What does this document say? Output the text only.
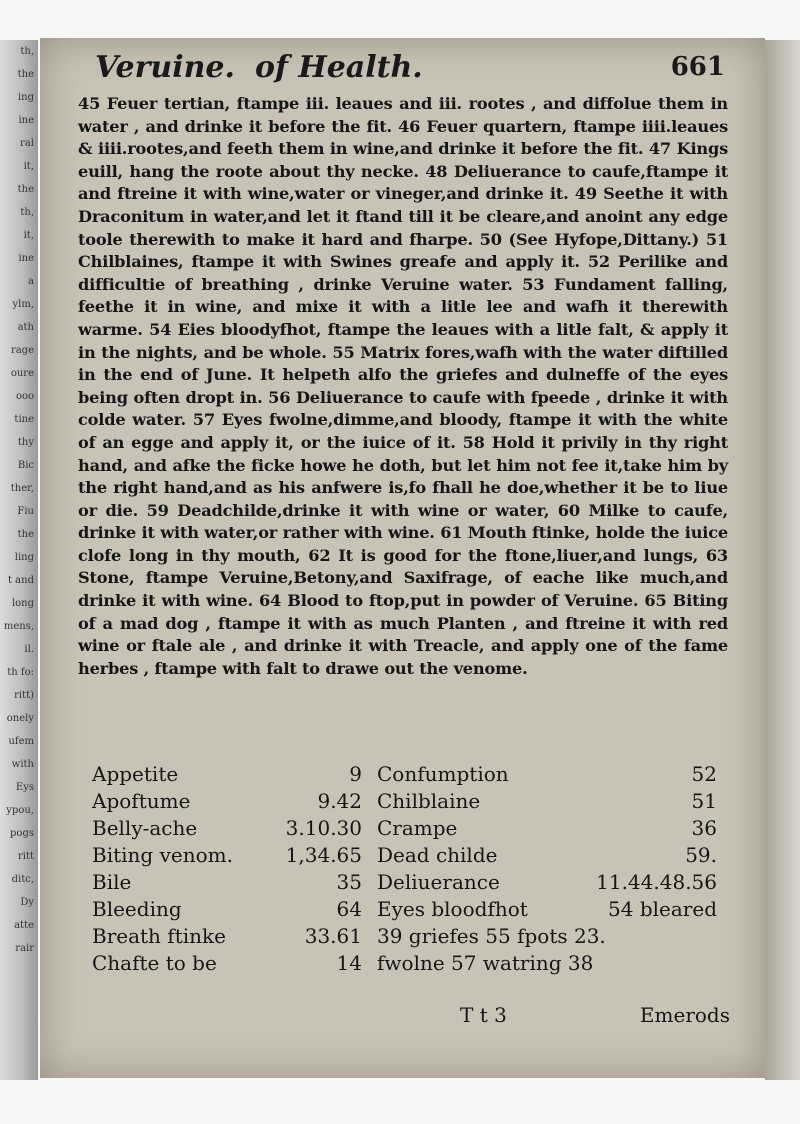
th,
the
ing
ine
ral
it,
the
th,
it,
ine
a
ylm,
ath
rage
oure
ooo
tine
thy
Bic
ther,
Fiu
the
ling
t and
long
mens,
il.
th fo:
ritt)
onely
ufem
with
Eys
ypou,
pogs
ritt
ditc,
Dy
atte
rair
Veruine. of Health.	661

45 Feuer tertian, ftampe iii. leaues and iii. rootes , and diffolue them in water , and drinke it before the fit. 46 Feuer quartern, ftampe iiii.leaues & iiii.rootes,and feeth them in wine,and drinke it before the fit. 47 Kings euill, hang the roote about thy necke. 48 Deliuerance to caufe,ftampe it and ftreine it with wine,water or vineger,and drinke it. 49 Seethe it with Draconitum in water,and let it ftand till it be cleare,and anoint any edge toole therewith to make it hard and fharpe. 50 (See Hyfope,Dittany.) 51 Chilblaines, ftampe it with Swines greafe and apply it. 52 Perilike and difficultie of breathing , drinke Veruine water. 53 Fundament falling, feethe it in wine, and mixe it with a litle lee and wafh it therewith warme. 54 Eies bloodyfhot, ftampe the leaues with a litle falt, & apply it in the nights, and be whole. 55 Matrix fores,wafh with the water diftilled in the end of June. It helpeth alfo the griefes and dulneffe of the eyes being often dropt in. 56 Deliuerance to caufe with fpeede , drinke it with colde water. 57 Eyes fwolne,dimme,and bloody, ftampe it with the white of an egge and apply it, or the iuice of it. 58 Hold it privily in thy right hand, and afke the ficke howe he doth, but let him not fee it,take him by the right hand,and as his anfwere is,fo fhall he doe,whether it be to liue or die. 59 Deadchilde,drinke it with wine or water, 60 Milke to caufe, drinke it with water,or rather with wine. 61 Mouth ftinke, holde the iuice clofe long in thy mouth, 62 It is good for the ftone,liuer,and lungs, 63 Stone, ftampe Veruine,Betony,and Saxifrage, of eache like much,and drinke it with wine. 64 Blood to ftop,put in powder of Veruine. 65 Biting of a mad dog , ftampe it with as much Planten , and ftreine it with red wine or ftale ale , and drinke it with Treacle, and apply one of the fame herbes , ftampe with falt to drawe out the venome.

Appetite	9 Confumption	52
Apoftume	9.42 Chilblaine	51
Belly-ache	3.10.30 Crampe	36
Biting venom.	1,34.65 Dead childe	59.
Bile	35 Deliuerance	11.44.48.56
Bleeding	64 Eyes bloodfhot	54 bleared
Breath ftinke	33.61 39 griefes 55 fpots 23.
Chafte to be	14 fwolne 57 watring 38
T t 3	Emerods
